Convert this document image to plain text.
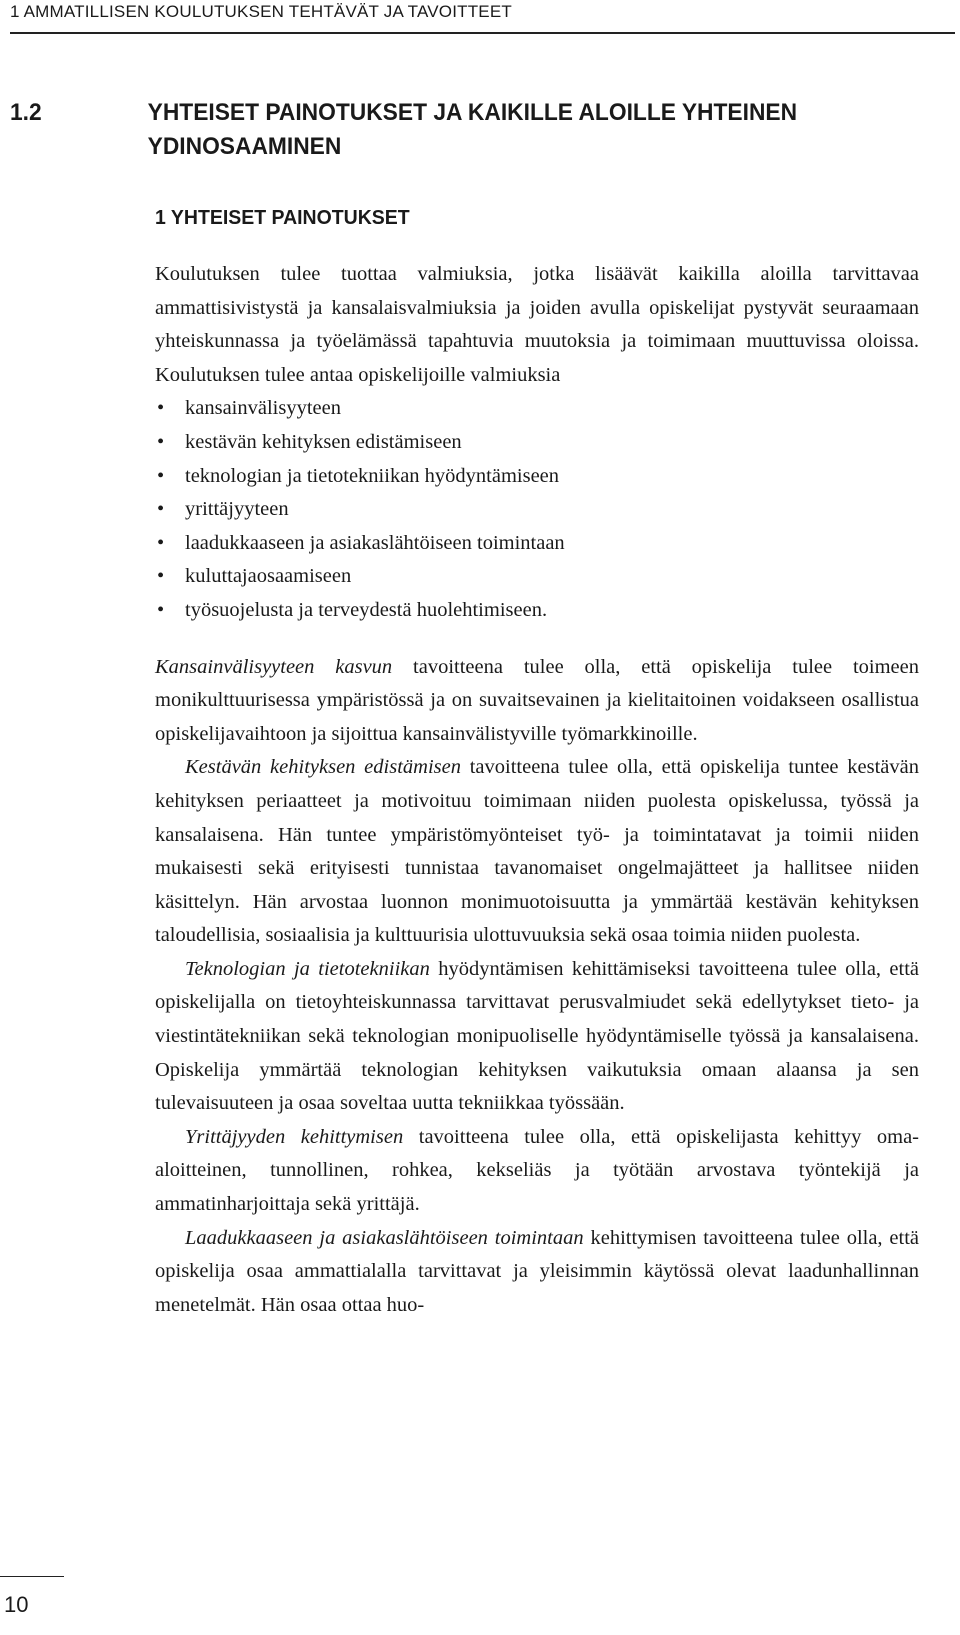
1 AMMATILLISEN KOULUTUKSEN TEHTÄVÄT JA TAVOITTEET
1.2	YHTEISET PAINOTUKSET JA KAIKILLE ALOILLE YHTEINEN YDINOSAAMINEN
1 YHTEISET PAINOTUKSET

Koulutuksen tulee tuottaa valmiuksia, jotka lisäävät kaikilla aloilla tarvittavaa ammattisivistystä ja kansalaisvalmiuksia ja joiden avulla opiskelijat pystyvät seuraamaan yhteiskunnassa ja työelämässä tapahtuvia muutoksia ja toimimaan muuttuvissa oloissa. Koulutuksen tulee antaa opiskelijoille valmiuksia

• kansainvälisyyteen
• kestävän kehityksen edistämiseen
• teknologian ja tietotekniikan hyödyntämiseen
• yrittäjyyteen
• laadukkaaseen ja asiakaslähtöiseen toimintaan
• kuluttajaosaamiseen
• työsuojelusta ja terveydestä huolehtimiseen.

Kansainvälisyyteen kasvun tavoitteena tulee olla, että opiskelija tulee toimeen monikulttuurisessa ympäristössä ja on suvaitsevainen ja kielitaitoinen voidakseen osallistua opiskelijavaihtoon ja sijoittua kansainvälistyville työmarkkinoille.

Kestävän kehityksen edistämisen tavoitteena tulee olla, että opiskelija tuntee kestävän kehityksen periaatteet ja motivoituu toimimaan niiden puolesta opiskelussa, työssä ja kansalaisena. Hän tuntee ympäristömyönteiset työ- ja toimintatavat ja toimii niiden mukaisesti sekä erityisesti tunnistaa tavanomaiset ongelmajätteet ja hallitsee niiden käsittelyn. Hän arvostaa luonnon monimuotoisuutta ja ymmärtää kestävän kehityksen taloudellisia, sosiaalisia ja kulttuurisia ulottuvuuksia sekä osaa toimia niiden puolesta.

Teknologian ja tietotekniikan hyödyntämisen kehittämiseksi tavoitteena tulee olla, että opiskelijalla on tietoyhteiskunnassa tarvittavat perusvalmiudet sekä edellytykset tieto- ja viestintätekniikan sekä teknologian monipuoliselle hyödyntämiselle työssä ja kansalaisena. Opiskelija ymmärtää teknologian kehityksen vaikutuksia omaan alaansa ja sen tulevaisuuteen ja osaa soveltaa uutta tekniikkaa työssään.

Yrittäjyyden kehittymisen tavoitteena tulee olla, että opiskelijasta kehittyy oma-aloitteinen, tunnollinen, rohkea, kekseliäs ja työtään arvostava työntekijä ja ammatinharjoittaja sekä yrittäjä.

Laadukkaaseen ja asiakaslähtöiseen toimintaan kehittymisen tavoitteena tulee olla, että opiskelija osaa ammattialalla tarvittavat ja yleisimmin käytössä olevat laadunhallinnan menetelmät. Hän osaa ottaa huo-

10
